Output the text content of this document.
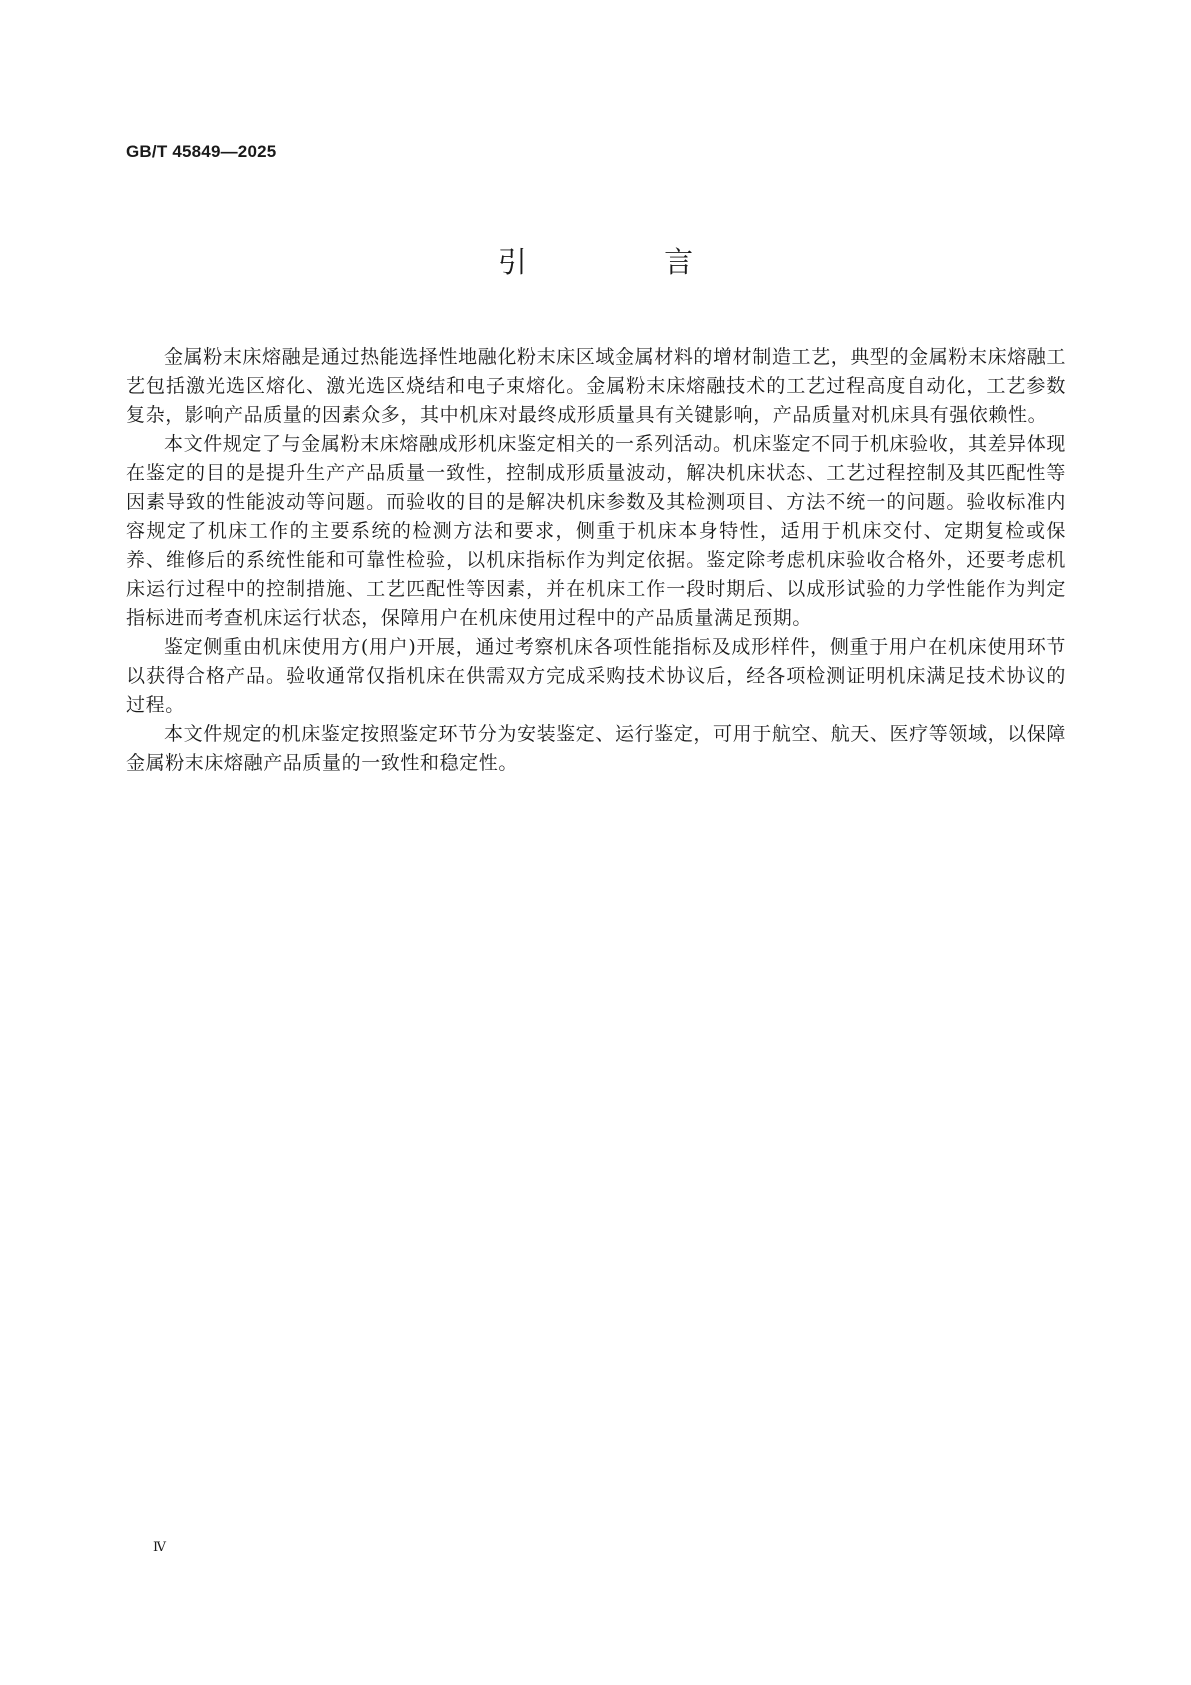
GB/T 45849—2025
引 言

金属粉末床熔融是通过热能选择性地融化粉末床区域金属材料的增材制造工艺，典型的金属粉末床熔融工艺包括激光选区熔化、激光选区烧结和电子束熔化。金属粉末床熔融技术的工艺过程高度自动化，工艺参数复杂，影响产品质量的因素众多，其中机床对最终成形质量具有关键影响，产品质量对机床具有强依赖性。

本文件规定了与金属粉末床熔融成形机床鉴定相关的一系列活动。机床鉴定不同于机床验收，其差异体现在鉴定的目的是提升生产产品质量一致性，控制成形质量波动，解决机床状态、工艺过程控制及其匹配性等因素导致的性能波动等问题。而验收的目的是解决机床参数及其检测项目、方法不统一的问题。验收标准内容规定了机床工作的主要系统的检测方法和要求，侧重于机床本身特性，适用于机床交付、定期复检或保养、维修后的系统性能和可靠性检验，以机床指标作为判定依据。鉴定除考虑机床验收合格外，还要考虑机床运行过程中的控制措施、工艺匹配性等因素，并在机床工作一段时期后、以成形试验的力学性能作为判定指标进而考查机床运行状态，保障用户在机床使用过程中的产品质量满足预期。

鉴定侧重由机床使用方(用户)开展，通过考察机床各项性能指标及成形样件，侧重于用户在机床使用环节以获得合格产品。验收通常仅指机床在供需双方完成采购技术协议后，经各项检测证明机床满足技术协议的过程。

本文件规定的机床鉴定按照鉴定环节分为安装鉴定、运行鉴定，可用于航空、航天、医疗等领域，以保障金属粉末床熔融产品质量的一致性和稳定性。

Ⅳ
